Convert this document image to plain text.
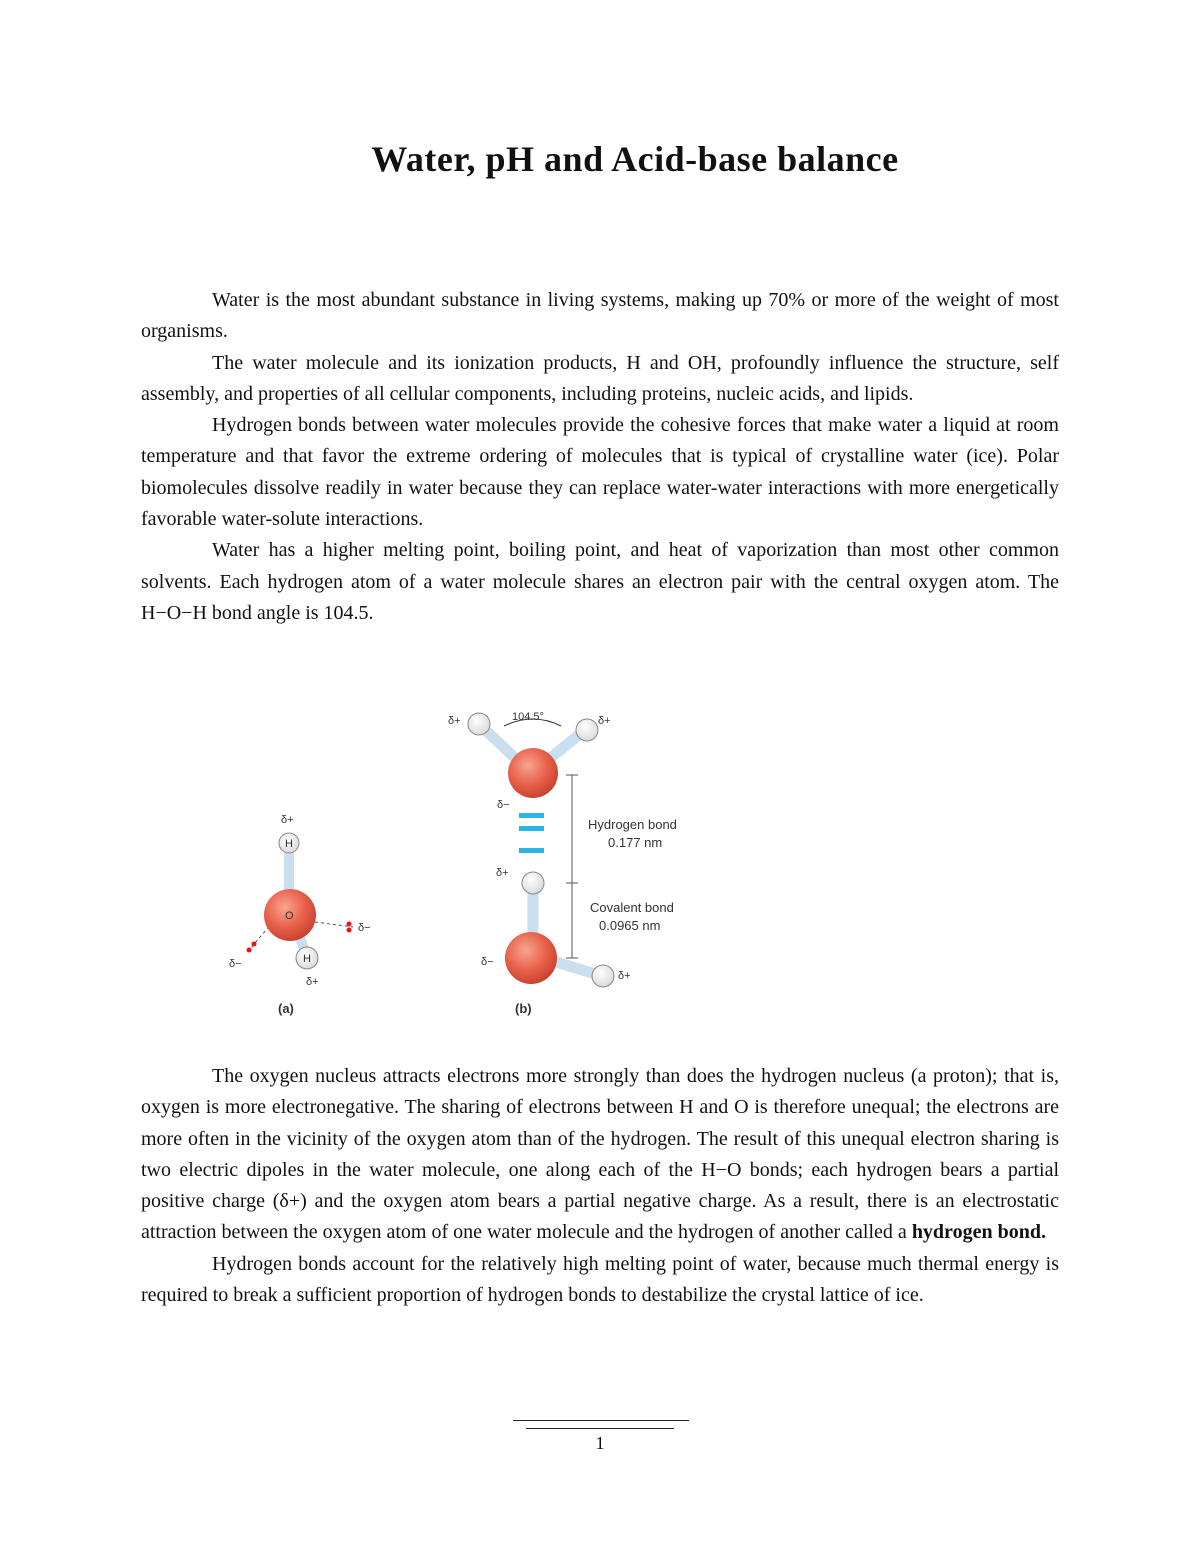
Water, pH and Acid-base balance

Water is the most abundant substance in living systems, making up 70% or more of the weight of most organisms.

The water molecule and its ionization products, H and OH, profoundly influence the structure, self assembly, and properties of all cellular components, including proteins, nucleic acids, and lipids.

Hydrogen bonds between water molecules provide the cohesive forces that make water a liquid at room temperature and that favor the extreme ordering of molecules that is typical of crystalline water (ice). Polar biomolecules dissolve readily in water because they can replace water-water interactions with more energetically favorable water-solute interactions.

Water has a higher melting point, boiling point, and heat of vaporization than most other common solvents. Each hydrogen atom of a water molecule shares an electron pair with the central oxygen atom. The H−O−H bond angle is 104.5.

δ+
H
O
H
δ−
δ−
δ+
(a)
δ+	104.5°	δ+
δ−
Hydrogen bond
0.177 nm
δ+
Covalent bond
0.0965 nm
δ−
δ+
(b)

The oxygen nucleus attracts electrons more strongly than does the hydrogen nucleus (a proton); that is, oxygen is more electronegative. The sharing of electrons between H and O is therefore unequal; the electrons are more often in the vicinity of the oxygen atom than of the hydrogen. The result of this unequal electron sharing is two electric dipoles in the water molecule, one along each of the H−O bonds; each hydrogen bears a partial positive charge (δ+) and the oxygen atom bears a partial negative charge. As a result, there is an electrostatic attraction between the oxygen atom of one water molecule and the hydrogen of another called a hydrogen bond.

Hydrogen bonds account for the relatively high melting point of water, because much thermal energy is required to break a sufficient proportion of hydrogen bonds to destabilize the crystal lattice of ice.

1
